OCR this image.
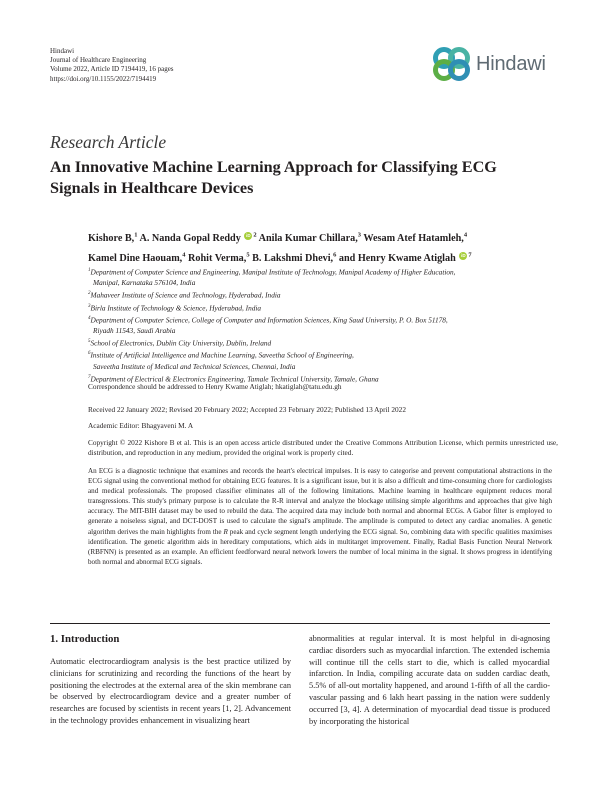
Hindawi
Journal of Healthcare Engineering
Volume 2022, Article ID 7194419, 16 pages
https://doi.org/10.1155/2022/7194419
Hindawi
Research Article
An Innovative Machine Learning Approach for Classifying ECG
Signals in Healthcare Devices
Kishore B,$^1$ A. Nanda Gopal Reddy iD $^2$ Anila Kumar Chillara,$^3$ Wesam Atef Hatamleh,$^4$
Kamel Dine Haouam,$^4$ Rohit Verma,$^5$ B. Lakshmi Dhevi,$^6$ and Henry Kwame Atiglah iD $^7$
$^1$Department of Computer Science and Engineering, Manipal Institute of Technology, Manipal Academy of Higher Education,
Manipal, Karnataka 576104, India
$^2$Mahaveer Institute of Science and Technology, Hyderabad, India
$^3$Birla Institute of Technology & Science, Hyderabad, India
$^4$Department of Computer Science, College of Computer and Information Sciences, King Saud University, P. O. Box 51178,
Riyadh 11543, Saudi Arabia
$^5$School of Electronics, Dublin City University, Dublin, Ireland
$^6$Institute of Artificial Intelligence and Machine Learning, Saveetha School of Engineering,
Saveetha Institute of Medical and Technical Sciences, Chennai, India
$^7$Department of Electrical & Electronics Engineering, Tamale Technical University, Tamale, Ghana
Correspondence should be addressed to Henry Kwame Atiglah; hkatiglah@tatu.edu.gh
Received 22 January 2022; Revised 20 February 2022; Accepted 23 February 2022; Published 13 April 2022
Academic Editor: Bhagyaveni M. A
Copyright © 2022 Kishore B et al. This is an open access article distributed under the Creative Commons Attribution License, which permits unrestricted use, distribution, and reproduction in any medium, provided the original work is properly cited.
An ECG is a diagnostic technique that examines and records the heart's electrical impulses. It is easy to categorise and prevent computational abstractions in the ECG signal using the conventional method for obtaining ECG features. It is a significant issue, but it is also a difficult and time-consuming chore for cardiologists and medical professionals. The proposed classifier eliminates all of the following limitations. Machine learning in healthcare equipment reduces moral transgressions. This study's primary purpose is to calculate the R-R interval and analyze the blockage utilising simple algorithms and approaches that give high accuracy. The MIT-BIH dataset may be used to rebuild the data. The acquired data may include both normal and abnormal ECGs. A Gabor filter is employed to generate a noiseless signal, and DCT-DOST is used to calculate the signal's amplitude. The amplitude is computed to detect any cardiac anomalies. A genetic algorithm derives the main highlights from the R peak and cycle segment length underlying the ECG signal. So, combining data with specific qualities maximises identification. The genetic algorithm aids in hereditary computations, which aids in multitarget improvement. Finally, Radial Basis Function Neural Network (RBFNN) is presented as an example. An efficient feedforward neural network lowers the number of local minima in the signal. It shows progress in identifying both normal and abnormal ECG signals.
1. Introduction
Automatic electrocardiogram analysis is the best practice utilized by clinicians for scrutinizing and recording the functions of the heart by positioning the electrodes at the external area of the skin membrane can be observed by electrocardiogram device and a greater number of researches are focused by scientists in recent years [1, 2]. Advancement in the technology provides enhancement in visualizing heart
abnormalities at regular interval. It is most helpful in di-agnosing cardiac disorders such as myocardial infarction. The extended ischemia will continue till the cells start to die, which is called myocardial infarction. In India, compiling accurate data on sudden cardiac death, 5.5% of all-out mortality happened, and around 1-fifth of all the cardio-vascular passing and 6 lakh heart passing in the nation were suddenly occurred [3, 4]. A determination of myocardial dead tissue is produced by incorporating the historical
